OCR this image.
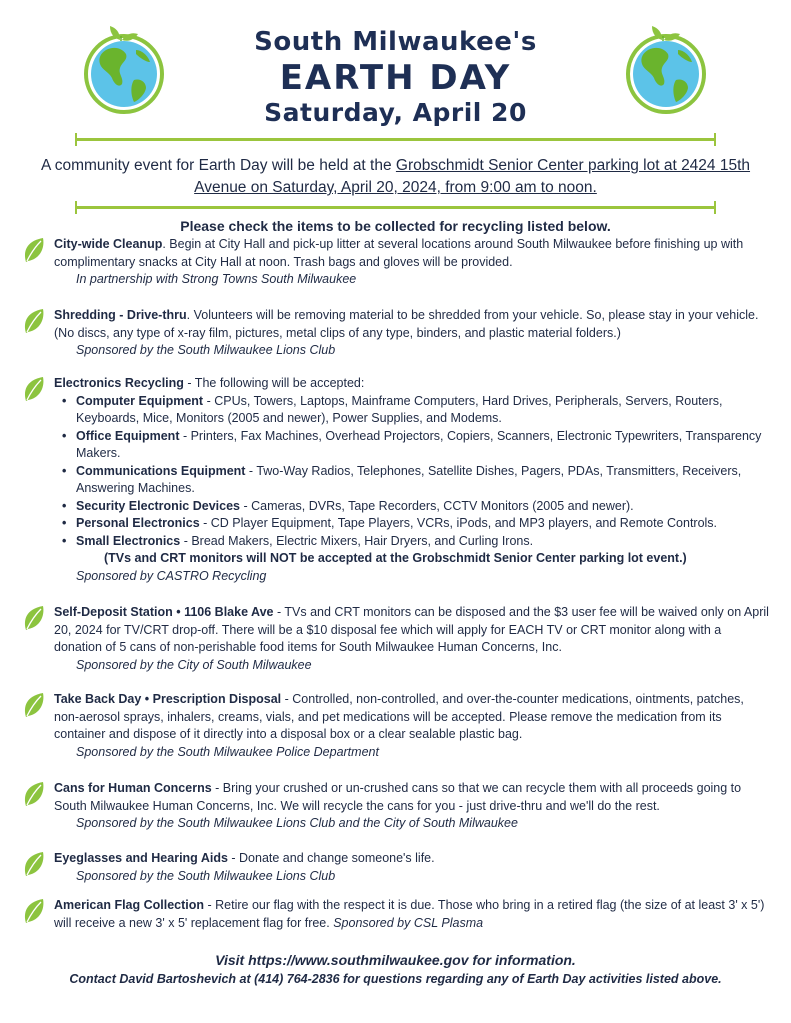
South Milwaukee's
EARTH DAY
Saturday, April 20
A community event for Earth Day will be held at the Grobschmidt Senior Center parking lot at 2424 15th Avenue on Saturday, April 20, 2024, from 9:00 am to noon.
Please check the items to be collected for recycling listed below.
City-wide Cleanup. Begin at City Hall and pick-up litter at several locations around South Milwaukee before finishing up with complimentary snacks at City Hall at noon. Trash bags and gloves will be provided.
In partnership with Strong Towns South Milwaukee
Shredding - Drive-thru. Volunteers will be removing material to be shredded from your vehicle. So, please stay in your vehicle. (No discs, any type of x-ray film, pictures, metal clips of any type, binders, and plastic material folders.)
Sponsored by the South Milwaukee Lions Club
Electronics Recycling - The following will be accepted:
• Computer Equipment - CPUs, Towers, Laptops, Mainframe Computers, Hard Drives, Peripherals, Servers, Routers, Keyboards, Mice, Monitors (2005 and newer), Power Supplies, and Modems.
• Office Equipment - Printers, Fax Machines, Overhead Projectors, Copiers, Scanners, Electronic Typewriters, Transparency Makers.
• Communications Equipment - Two-Way Radios, Telephones, Satellite Dishes, Pagers, PDAs, Transmitters, Receivers, Answering Machines.
• Security Electronic Devices - Cameras, DVRs, Tape Recorders, CCTV Monitors (2005 and newer).
• Personal Electronics - CD Player Equipment, Tape Players, VCRs, iPods, and MP3 players, and Remote Controls.
• Small Electronics - Bread Makers, Electric Mixers, Hair Dryers, and Curling Irons.
(TVs and CRT monitors will NOT be accepted at the Grobschmidt Senior Center parking lot event.)
Sponsored by CASTRO Recycling
Self-Deposit Station • 1106 Blake Ave - TVs and CRT monitors can be disposed and the $3 user fee will be waived only on April 20, 2024 for TV/CRT drop-off. There will be a $10 disposal fee which will apply for EACH TV or CRT monitor along with a donation of 5 cans of non-perishable food items for South Milwaukee Human Concerns, Inc.
Sponsored by the City of South Milwaukee
Take Back Day • Prescription Disposal - Controlled, non-controlled, and over-the-counter medications, ointments, patches, non-aerosol sprays, inhalers, creams, vials, and pet medications will be accepted. Please remove the medication from its container and dispose of it directly into a disposal box or a clear sealable plastic bag.
Sponsored by the South Milwaukee Police Department
Cans for Human Concerns - Bring your crushed or un-crushed cans so that we can recycle them with all proceeds going to South Milwaukee Human Concerns, Inc. We will recycle the cans for you - just drive-thru and we'll do the rest.
Sponsored by the South Milwaukee Lions Club and the City of South Milwaukee
Eyeglasses and Hearing Aids - Donate and change someone's life.
Sponsored by the South Milwaukee Lions Club
American Flag Collection - Retire our flag with the respect it is due. Those who bring in a retired flag (the size of at least 3' x 5') will receive a new 3' x 5' replacement flag for free. Sponsored by CSL Plasma
Visit https://www.southmilwaukee.gov for information.
Contact David Bartoshevich at (414) 764-2836 for questions regarding any of Earth Day activities listed above.
